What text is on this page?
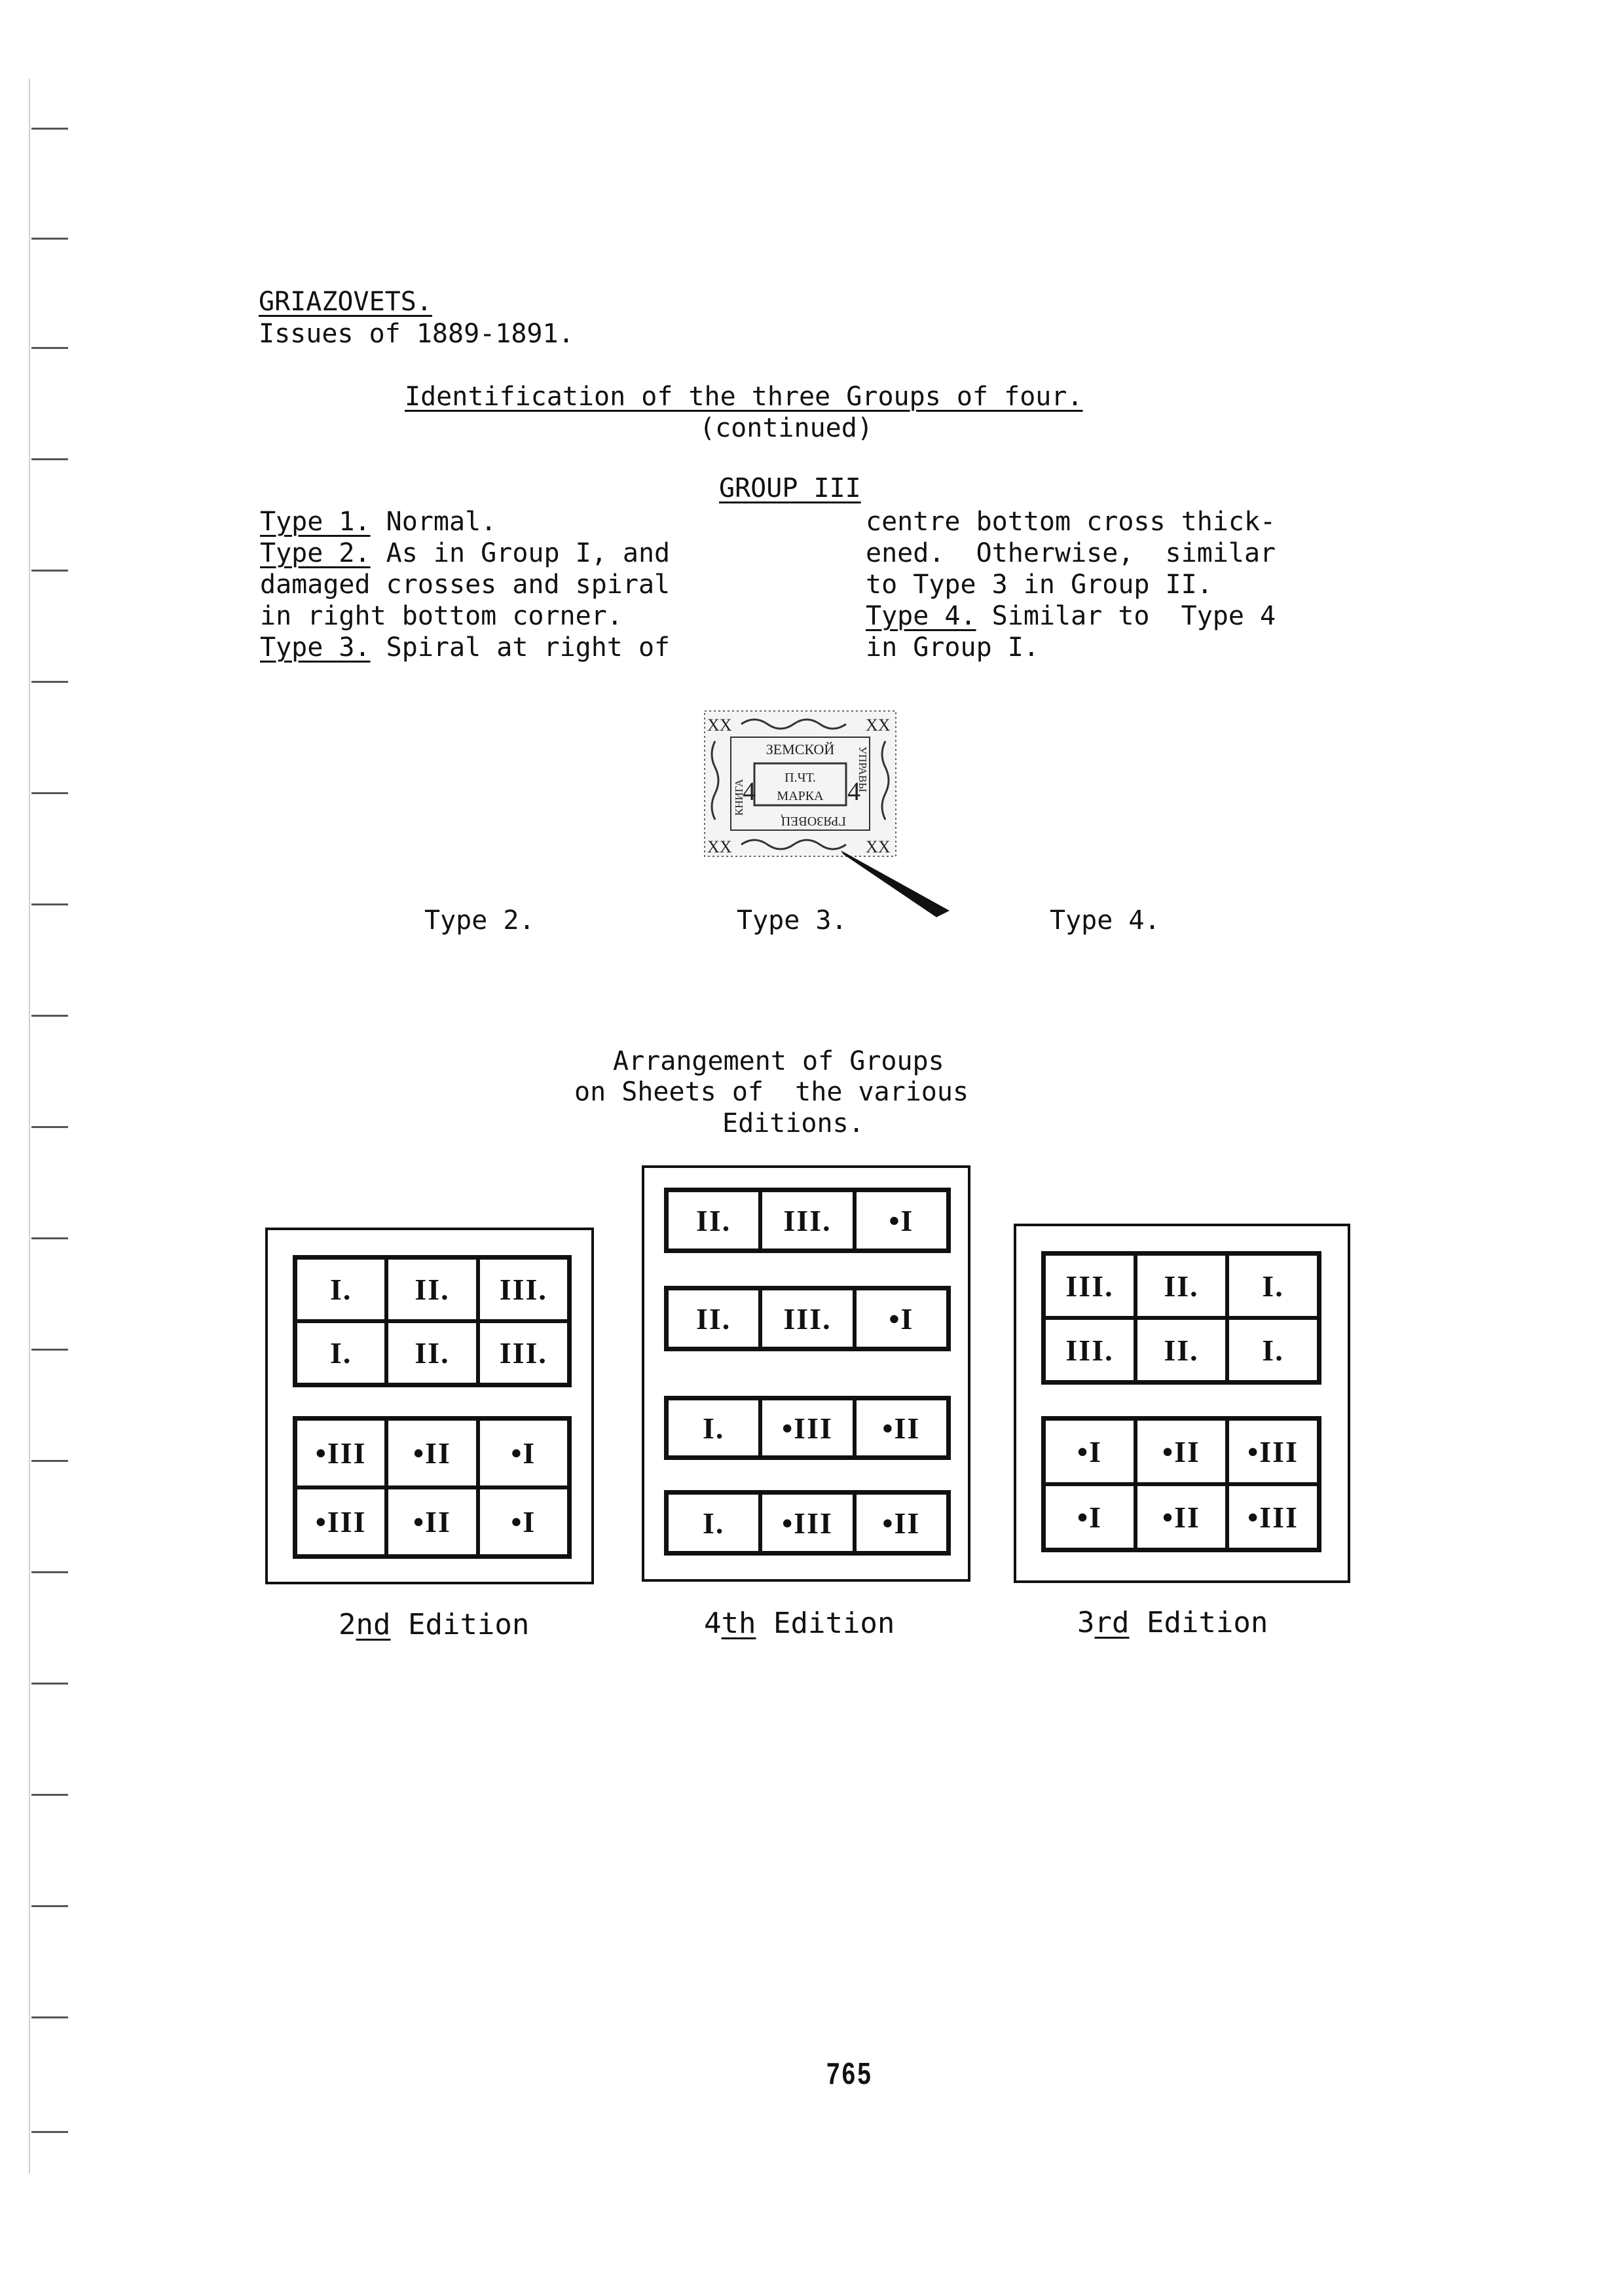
GRIAZOVETS.
Issues of 1889-1891.
Identification of the three Groups of four.
(continued)
GROUP III
Type 1. Normal.
Type 2. As in Group I, and
damaged crosses and spiral
in right bottom corner.
Type 3. Spiral at right of
centre bottom cross thick-
ened.  Otherwise,  similar
to Type 3 in Group II.
Type 4. Similar to  Type 4
in Group I.
XX	XX
XX	XX
ЗЕМСКОЙ
П.ЧТ.
МАРКА
4	4
КНИГА
УПРАВЫ
ГРЯЗОВЕЦ
Type 2.	Type 3.	Type 4.
Arrangement of Groups
on Sheets of  the various
Editions.
I.	II.	III.
I.	II.	III.
•III	•II	•I
•III	•II	•I
II.	III.	•I
II.	III.	•I
I.	•III	•II
I.	•III	•II
III.	II.	I.
III.	II.	I.
•I	•II	•III
•I	•II	•III
2nd Edition	4th Edition	3rd Edition
765
